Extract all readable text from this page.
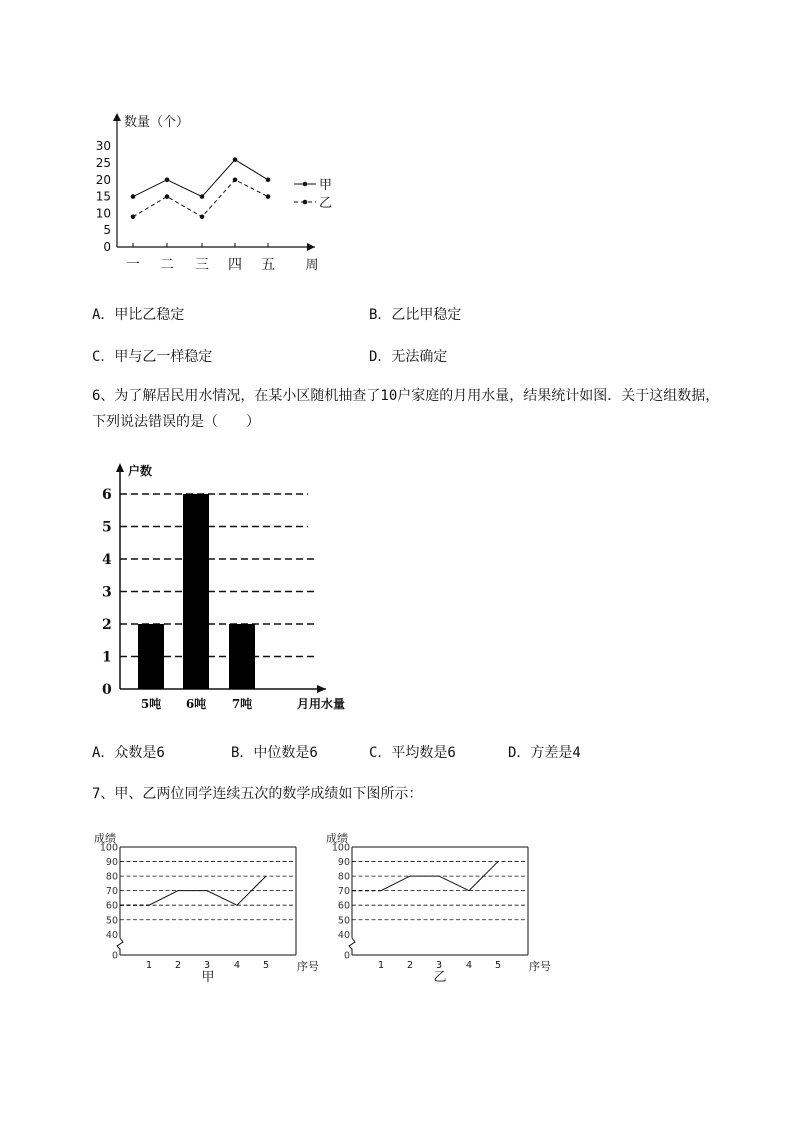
数量（个）
0
5
10
15
20
25
30
一 二 三 四 五 周
甲
乙
A．甲比乙稳定	B．乙比甲稳定
C．甲与乙一样稳定	D．无法确定
6、为了解居民用水情况，在某小区随机抽查了10户家庭的月用水量，结果统计如图．关于这组数据，下列说法错误的是（　　）
户数
0
1
2
3
4
5
6
5吨 6吨 7吨	月用水量
A．众数是6	B．中位数是6	C．平均数是6	D．方差是4
7、甲、乙两位同学连续五次的数学成绩如下图所示：
成绩
0
40
50
60
70
80
90
100
1 2 3	4 5	序号
甲
成绩
0
40
50
60
70
80
90
100
1 2 3	4 5	序号
乙
